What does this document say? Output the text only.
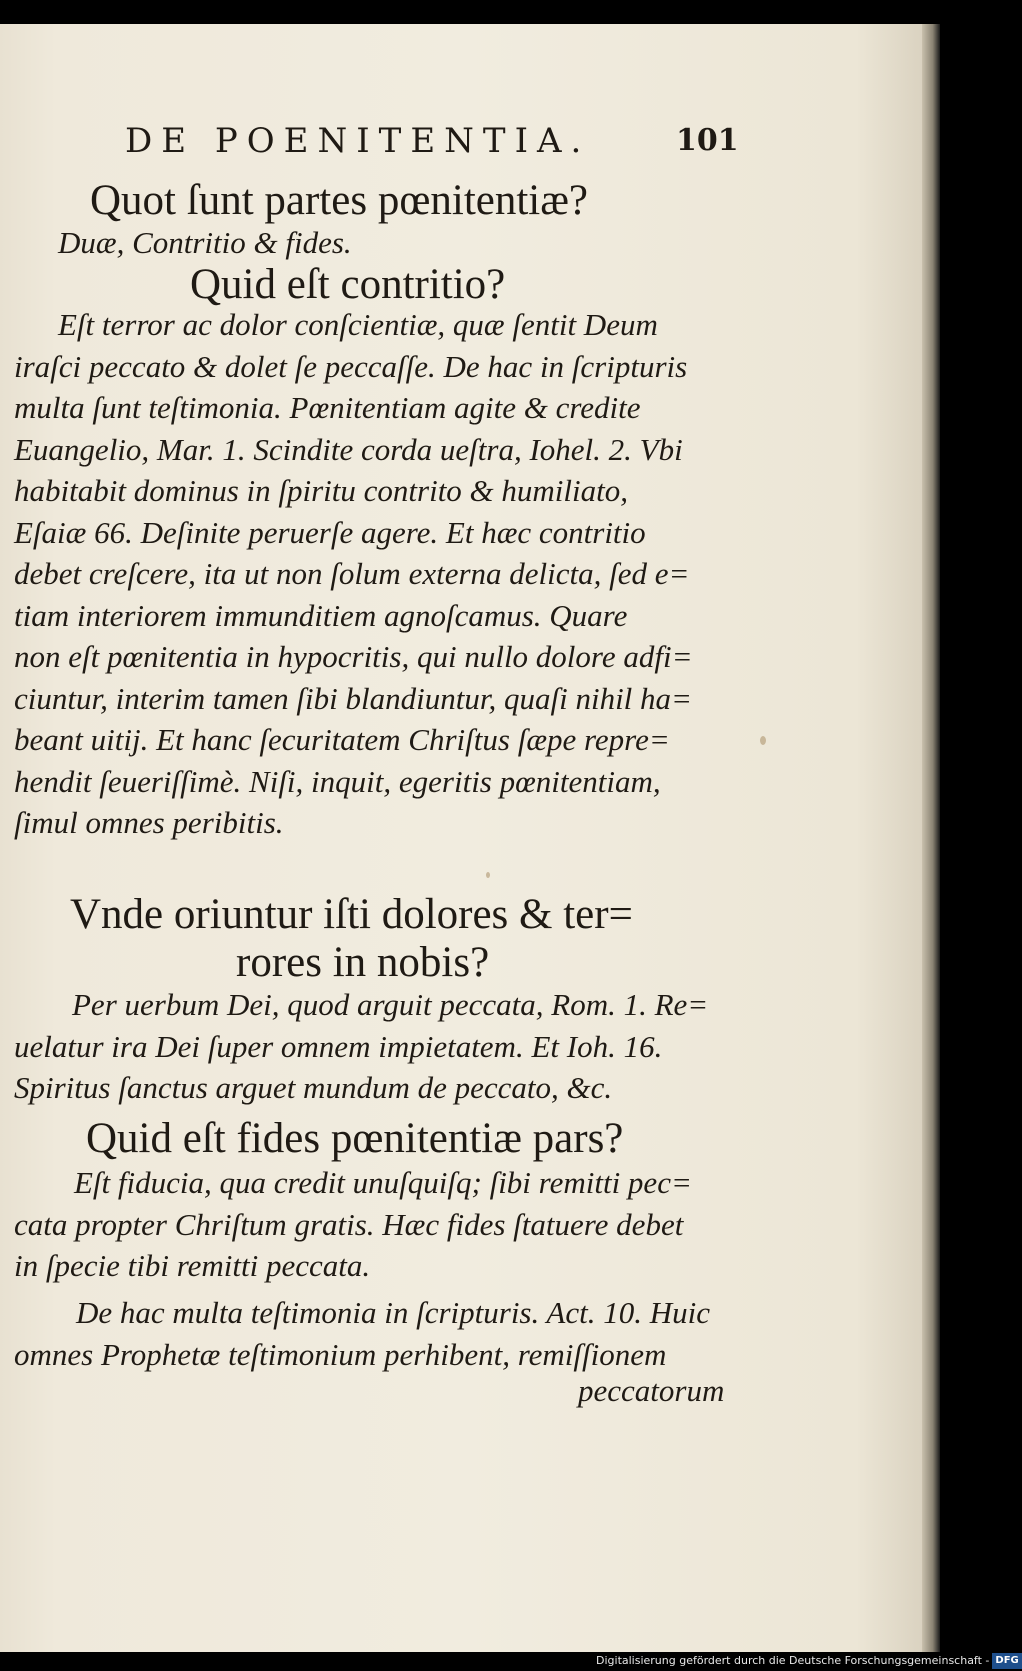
DE POENITENTIA.	101
Quot ſunt partes pœnitentiæ?
Duæ, Contritio & fides.
Quid eſt contritio?
Eſt terror ac dolor conſcientiæ, quæ ſentit Deum
iraſci peccato & dolet ſe peccaſſe. De hac in ſcripturis
multa ſunt teſtimonia. Pœnitentiam agite & credite
Euangelio, Mar. 1. Scindite corda ueſtra, Iohel. 2. Vbi
habitabit dominus in ſpiritu contrito & humiliato,
Eſaiæ 66. Deſinite peruerſe agere. Et hæc contritio
debet creſcere, ita ut non ſolum externa delicta, ſed e=
tiam interiorem immunditiem agnoſcamus. Quare
non eſt pœnitentia in hypocritis, qui nullo dolore adfi=
ciuntur, interim tamen ſibi blandiuntur, quaſi nihil ha=
beant uitij. Et hanc ſecuritatem Chriſtus ſæpe repre=
hendit ſeueriſſimè. Niſi, inquit, egeritis pœnitentiam,
ſimul omnes peribitis.
Vnde oriuntur iſti dolores & ter=
rores in nobis?
Per uerbum Dei, quod arguit peccata, Rom. 1. Re=
uelatur ira Dei ſuper omnem impietatem. Et Ioh. 16.
Spiritus ſanctus arguet mundum de peccato, &c.
Quid eſt fides pœnitentiæ pars?
Eſt fiducia, qua credit unuſquiſq; ſibi remitti pec=
cata propter Chriſtum gratis. Hæc fides ſtatuere debet
in ſpecie tibi remitti peccata.
De hac multa teſtimonia in ſcripturis. Act. 10. Huic
omnes Prophetæ teſtimonium perhibent, remiſſionem
peccatorum
Digitalisierung gefördert durch die Deutsche Forschungsgemeinschaft - DFG
